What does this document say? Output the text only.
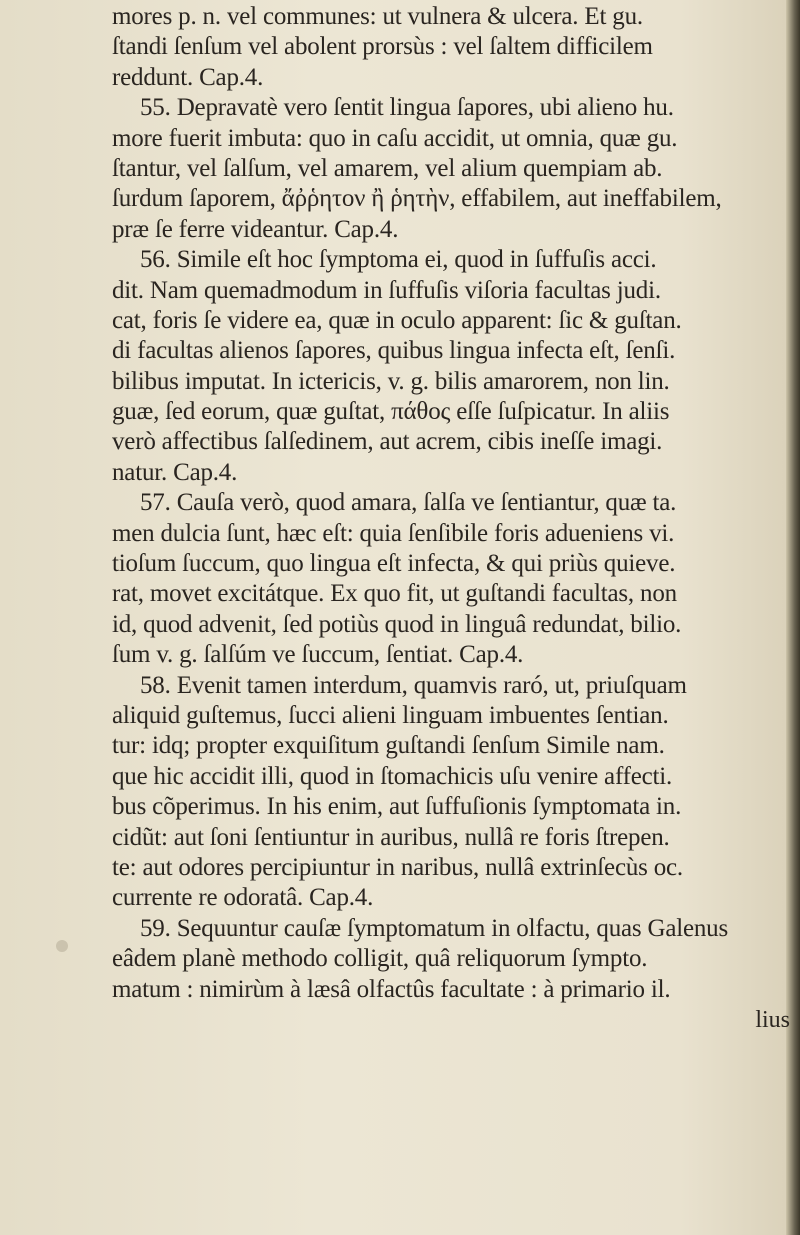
mores p. n. vel communes: ut vulnera & ulcera. Et gu.
ſtandi ſenſum vel abolent prorsùs : vel ſaltem difficilem
reddunt. Cap.4.
55. Depravatè vero ſentit lingua ſapores, ubi alieno hu.
more fuerit imbuta: quo in caſu accidit, ut omnia, quæ gu.
ſtantur, vel ſalſum, vel amarem, vel alium quempiam ab.
ſurdum ſaporem, ἄῤῥητον ἢ ῥητὴν, effabilem, aut ineffabilem,
præ ſe ferre videantur. Cap.4.
56. Simile eſt hoc ſymptoma ei, quod in ſuffuſis acci.
dit. Nam quemadmodum in ſuffuſis viſoria facultas judi.
cat, foris ſe videre ea, quæ in oculo apparent: ſic & guſtan.
di facultas alienos ſapores, quibus lingua infecta eſt, ſenſi.
bilibus imputat. In ictericis, v. g. bilis amarorem, non lin.
guæ, ſed eorum, quæ guſtat, πάθος eſſe ſuſpicatur. In aliis
verò affectibus ſalſedinem, aut acrem, cibis ineſſe imagi.
natur. Cap.4.
57. Cauſa verò, quod amara, ſalſa ve ſentiantur, quæ ta.
men dulcia ſunt, hæc eſt: quia ſenſibile foris adueniens vi.
tioſum ſuccum, quo lingua eſt infecta, & qui priùs quieve.
rat, movet excitátque. Ex quo fit, ut guſtandi facultas, non
id, quod advenit, ſed potiùs quod in linguâ redundat, bilio.
ſum v. g. ſalſúm ve ſuccum, ſentiat. Cap.4.
58. Evenit tamen interdum, quamvis raró, ut, priuſquam
aliquid guſtemus, ſucci alieni linguam imbuentes ſentian.
tur: idq; propter exquiſitum guſtandi ſenſum Simile nam.
que hic accidit illi, quod in ſtomachicis uſu venire affecti.
bus cõperimus. In his enim, aut ſuffuſionis ſymptomata in.
cidũt: aut ſoni ſentiuntur in auribus, nullâ re foris ſtrepen.
te: aut odores percipiuntur in naribus, nullâ extrinſecùs oc.
currente re odoratâ. Cap.4.
59. Sequuntur cauſæ ſymptomatum in olfactu, quas Galenus
eâdem planè methodo colligit, quâ reliquorum ſympto.
matum : nimirùm à læsâ olfactûs facultate : à primario il.
lius
